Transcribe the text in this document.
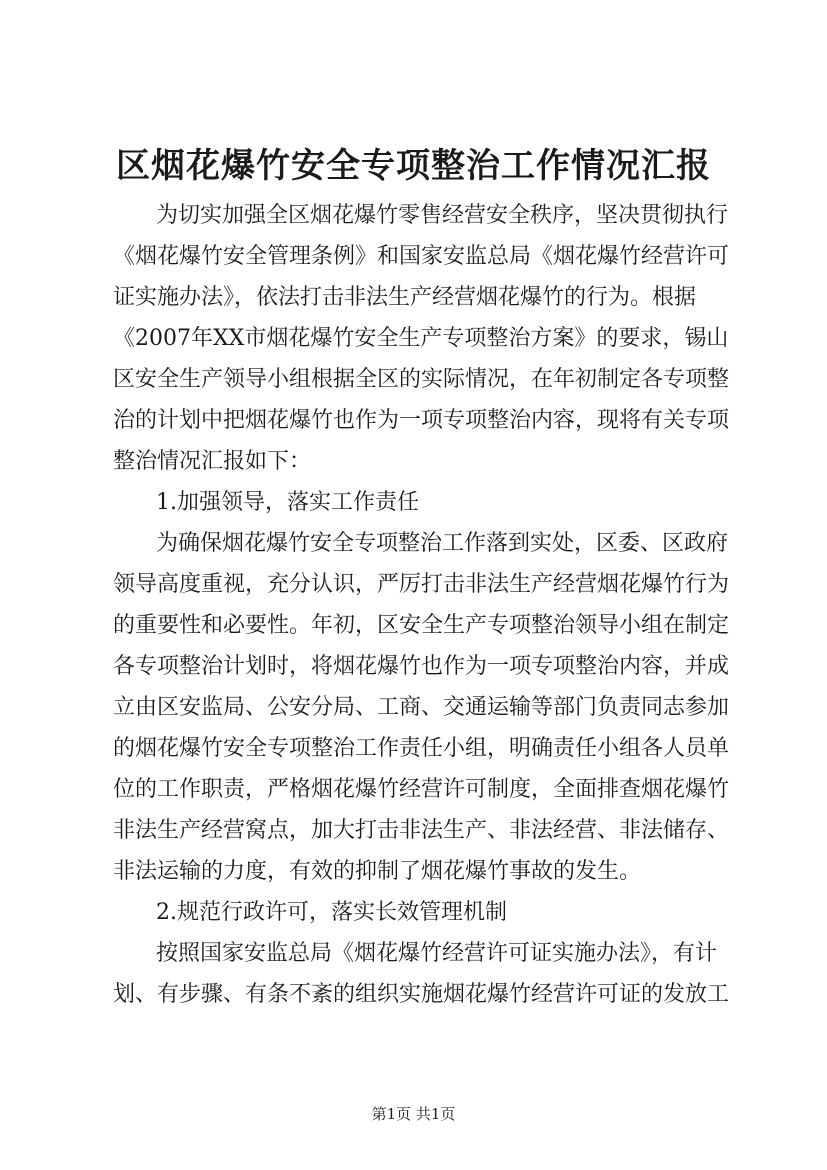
区烟花爆竹安全专项整治工作情况汇报
为切实加强全区烟花爆竹零售经营安全秩序，坚决贯彻执行
《烟花爆竹安全管理条例》和国家安监总局《烟花爆竹经营许可
证实施办法》，依法打击非法生产经营烟花爆竹的行为。根据
《2007年XX市烟花爆竹安全生产专项整治方案》的要求，锡山
区安全生产领导小组根据全区的实际情况，在年初制定各专项整
治的计划中把烟花爆竹也作为一项专项整治内容，现将有关专项
整治情况汇报如下：
1.加强领导，落实工作责任
为确保烟花爆竹安全专项整治工作落到实处，区委、区政府
领导高度重视，充分认识，严厉打击非法生产经营烟花爆竹行为
的重要性和必要性。年初，区安全生产专项整治领导小组在制定
各专项整治计划时，将烟花爆竹也作为一项专项整治内容，并成
立由区安监局、公安分局、工商、交通运输等部门负责同志参加
的烟花爆竹安全专项整治工作责任小组，明确责任小组各人员单
位的工作职责，严格烟花爆竹经营许可制度，全面排查烟花爆竹
非法生产经营窝点，加大打击非法生产、非法经营、非法储存、
非法运输的力度，有效的抑制了烟花爆竹事故的发生。
2.规范行政许可，落实长效管理机制
按照国家安监总局《烟花爆竹经营许可证实施办法》，有计
划、有步骤、有条不紊的组织实施烟花爆竹经营许可证的发放工
第1页 共1页
